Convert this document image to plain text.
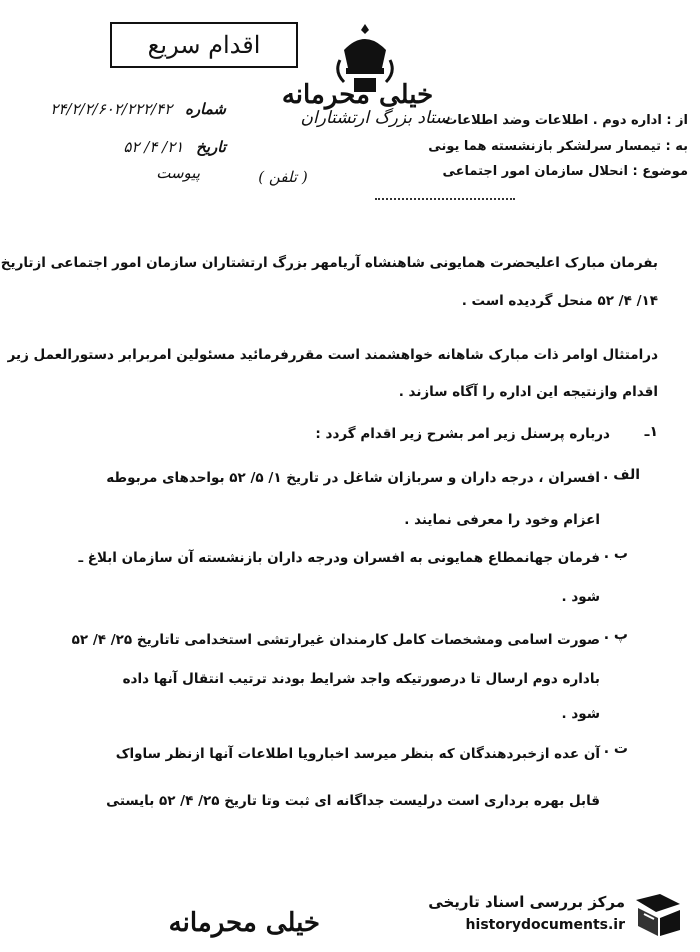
اقدام سریع
خیلی محرمانه
ستاد بزرگ ارتشتاران
شماره ۲۴/۲/۲/۶۰۲/۲۲۲/۴۲
تاریخ ۲۱/ ۴/ ۵۲
پیوست	( تلفن )
از : اداره دوم . اطلاعات وضد اطلاعات
به : تیمسار سرلشکر بازنشسته هما یونی
موضوع : انحلال سازمان امور اجتماعی
بفرمان مبارک اعلیحضرت همایونی شاهنشاه آریامهر بزرگ ارتشتاران سازمان امور اجتماعی ازتاریخ
۱۴/ ۴/ ۵۲ منحل گردیده است .
درامتثال اوامر ذات مبارک شاهانه خواهشمند است مقررفرمائید مسئولین امربرابر دستورالعمل زیر
اقدام وازنتیجه این اداره را آگاه سازند .
۱ـ
درباره پرسنل زیر امر بشرح زیر اقدام گردد :
الف .
افسران ، درجه داران و سربازان شاغل در تاریخ ۱/ ۵/ ۵۲ بواحدهای مربوطه
اعزام وخود را معرفی نمایند .
ب .
فرمان جهانمطاع همایونی به افسران ودرجه داران بازنشسته آن سازمان ابلاغ ـ
شود .
پ .
صورت اسامی ومشخصات کامل کارمندان غیرارتشی استخدامی تاتاریخ ۲۵/ ۴/ ۵۲
باداره دوم ارسال تا درصورتیکه واجد شرایط بودند ترتیب انتقال آنها داده
شود .
ت .
آن عده ازخبردهندگان که بنظر میرسد اخبارویا اطلاعات آنها ازنظر ساواک
قابل بهره برداری است درلیست جداگانه ای ثبت وتا تاریخ ۲۵/ ۴/ ۵۲ بایستی
خیلی محرمانه
مرکز بررسی اسناد تاریخی
historydocuments.ir
